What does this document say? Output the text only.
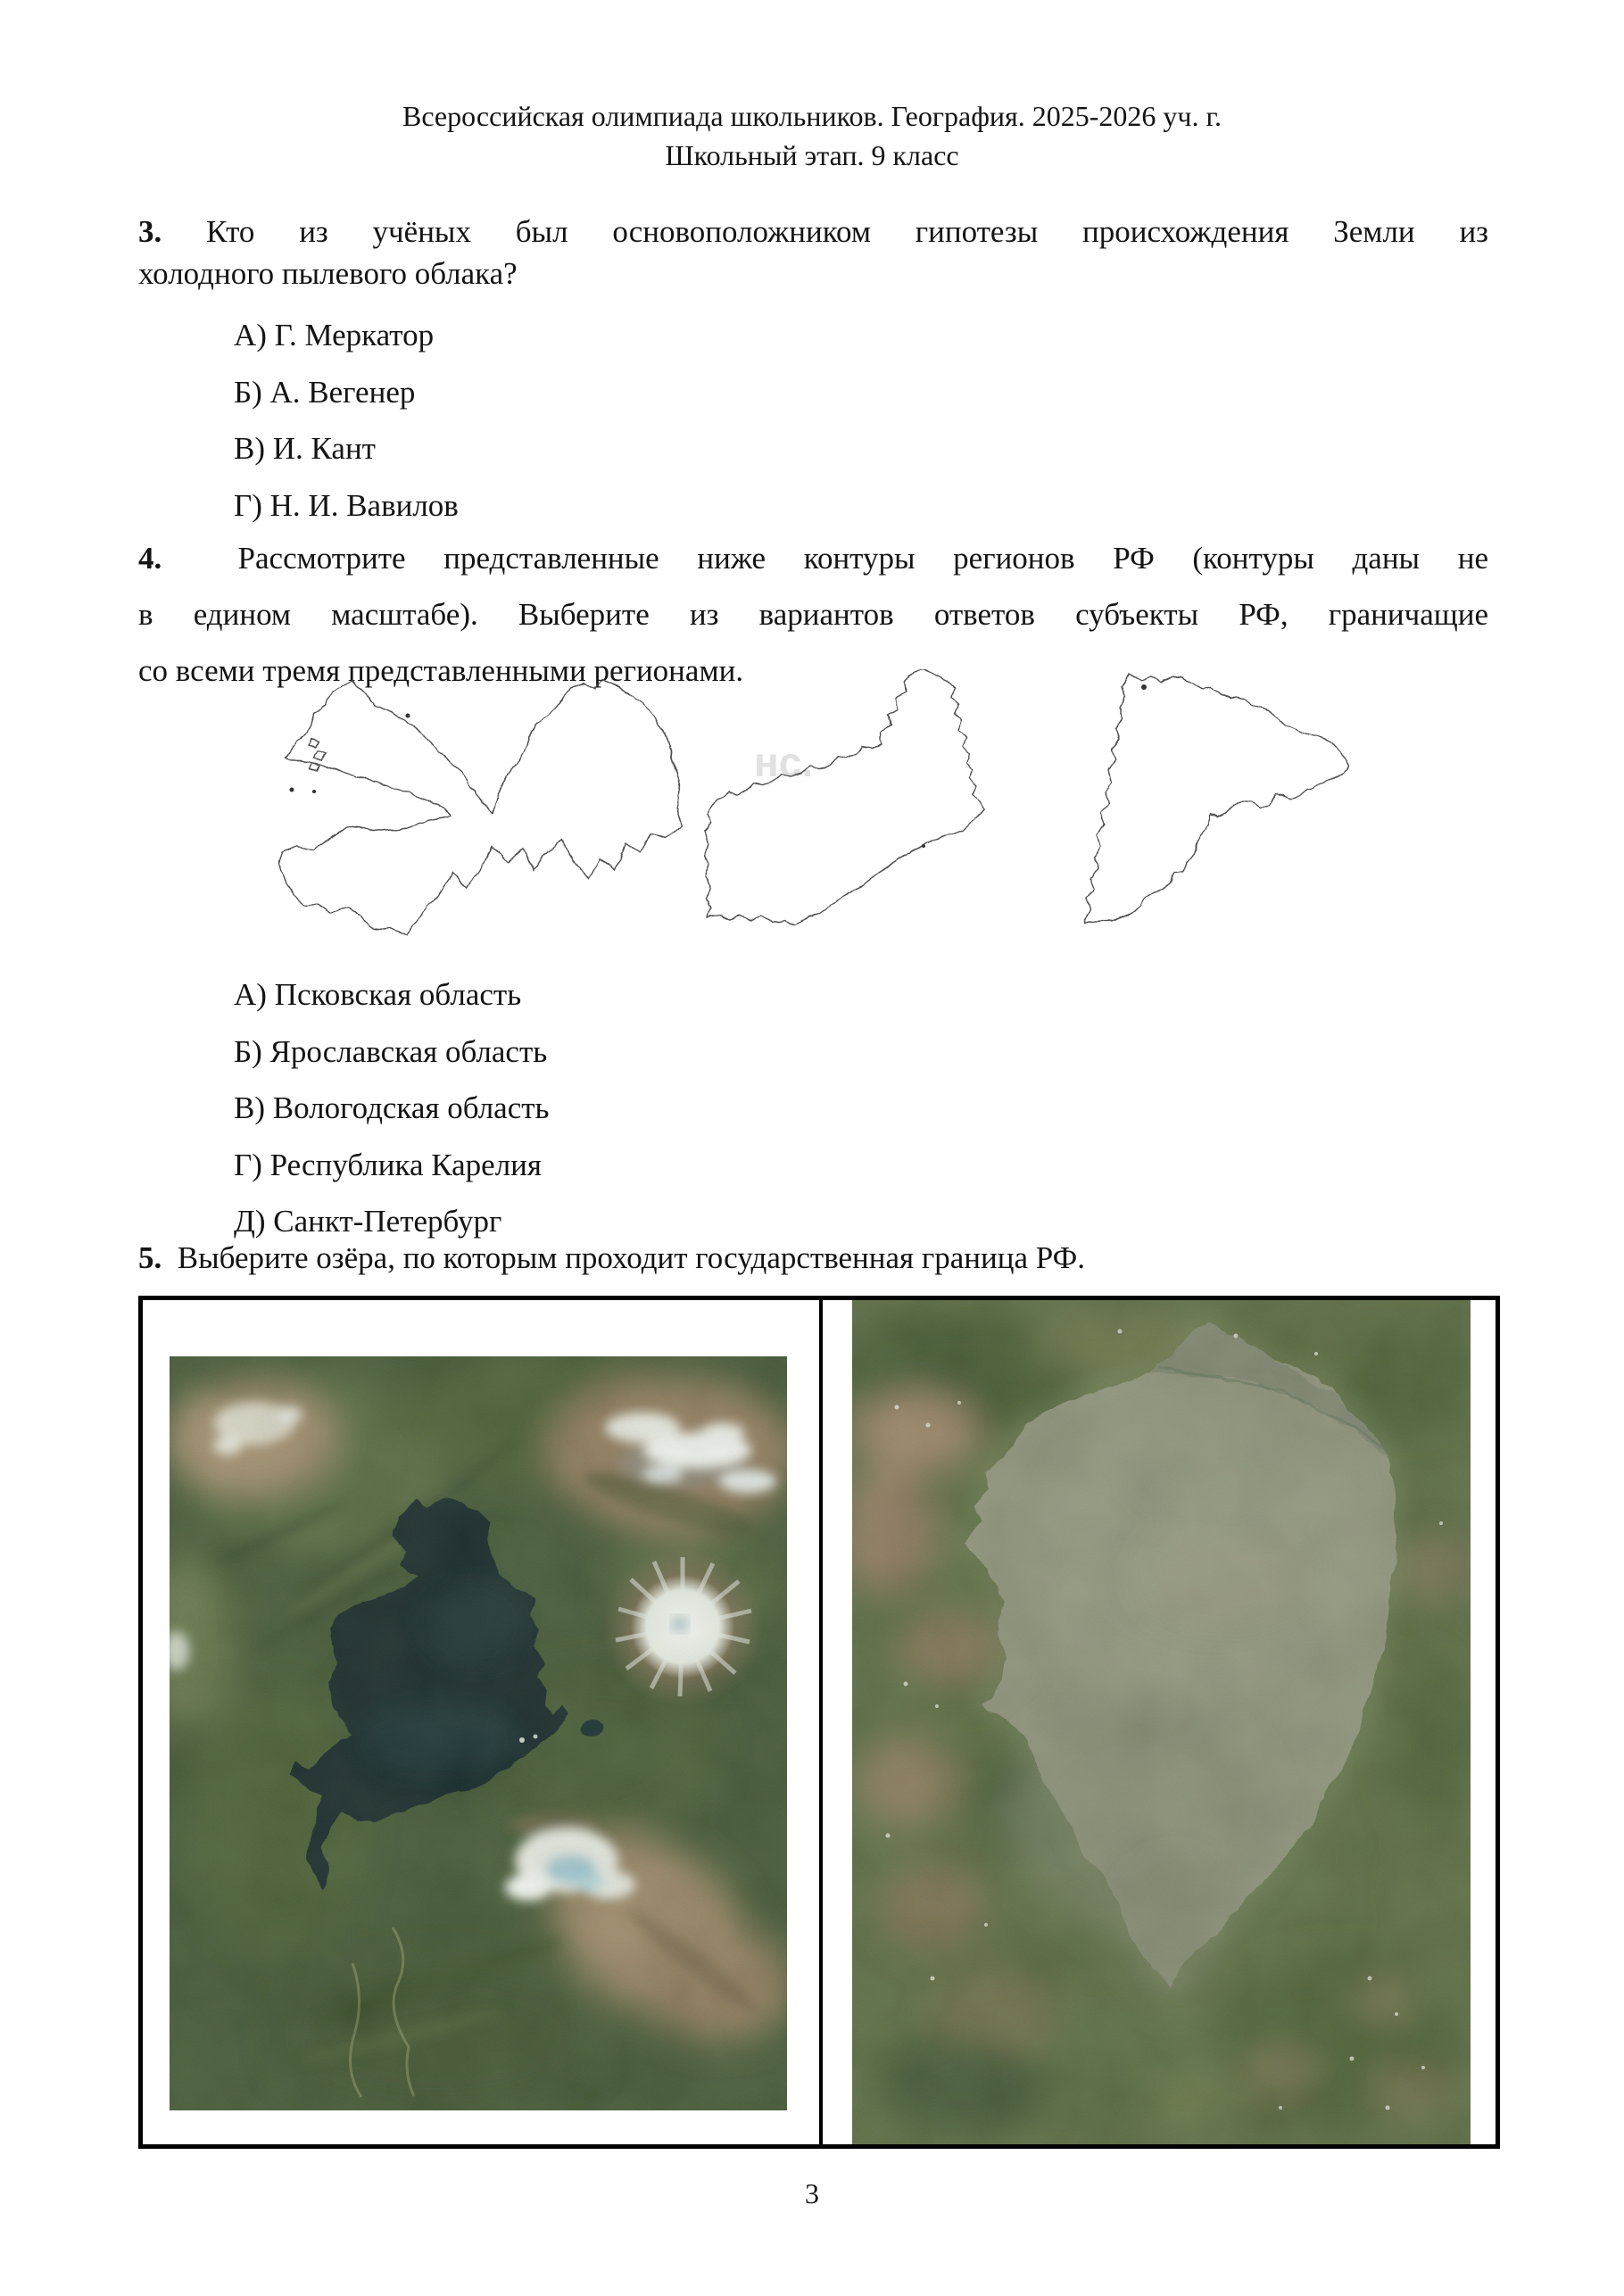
Всероссийская олимпиада школьников. География. 2025-2026 уч. г.
Школьный этап. 9 класс
3. Кто из учёных был основоположником гипотезы происхождения Земли из
холодного пылевого облака?
А) Г. Меркатор
Б) А. Вегенер
В) И. Кант
Г) Н. И. Вавилов
4. Рассмотрите представленные ниже контуры регионов РФ (контуры даны не
в едином масштабе). Выберите из вариантов ответов субъекты РФ, граничащие
со всеми тремя представленными регионами.
нс.
А) Псковская область
Б) Ярославская область
В) Вологодская область
Г) Республика Карелия
Д) Санкт-Петербург
5. Выберите озёра, по которым проходит государственная граница РФ.
3
